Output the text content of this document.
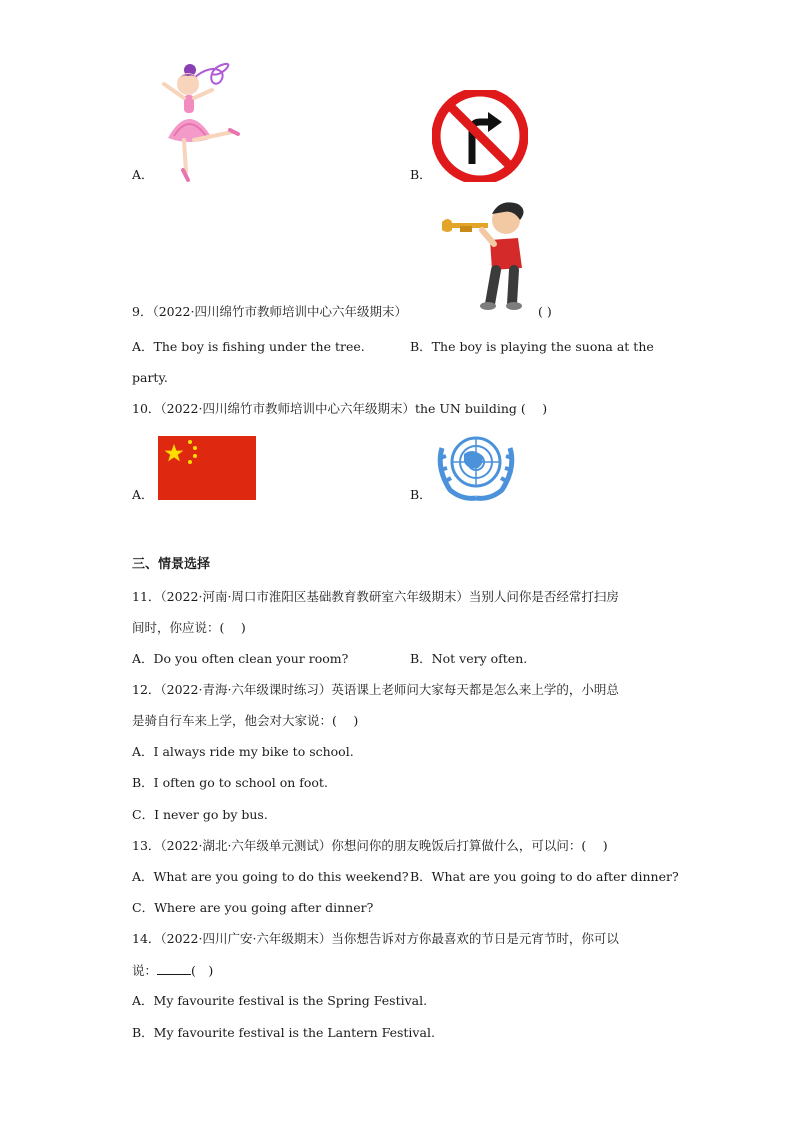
A．	B．
9．（2022·四川绵竹市教师培训中心六年级期末）	( )
A．The boy is fishing under the tree.	B．The boy is playing the suona at the
party.
10．（2022·四川绵竹市教师培训中心六年级期末）the UN building (　 )
A．	B．
三、情景选择
11．（2022·河南·周口市淮阳区基础教育教研室六年级期末）当别人问你是否经常打扫房
间时，你应说：(　 )
A．Do you often clean your room?	B．Not very often.
12．（2022·青海·六年级课时练习）英语课上老师问大家每天都是怎么来上学的，小明总
是骑自行车来上学，他会对大家说：(　 )
A．I always ride my bike to school.
B．I often go to school on foot.
C．I never go by bus.
13．（2022·湖北·六年级单元测试）你想问你的朋友晚饭后打算做什么，可以问：(　 )
A．What are you going to do this weekend? B．What are you going to do after dinner?
C．Where are you going after dinner?
14．（2022·四川广安·六年级期末）当你想告诉对方你最喜欢的节日是元宵节时，你可以
说：	(　)
A．My favourite festival is the Spring Festival.
B．My favourite festival is the Lantern Festival.
